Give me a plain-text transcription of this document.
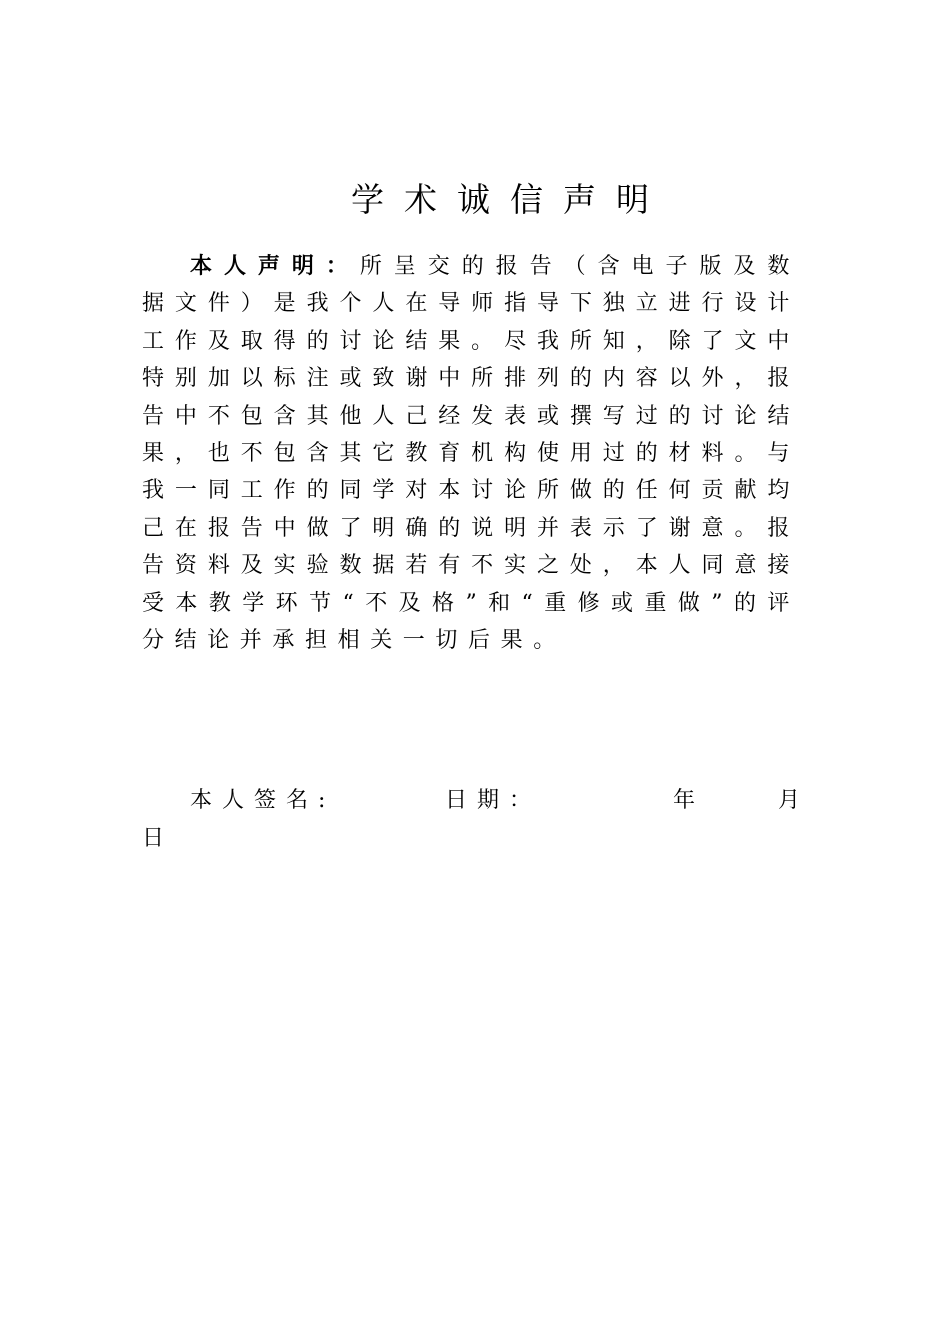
学术诚信声明

本人声明：所呈交的报告（含电子版及数据文件）是我个人在导师指导下独立进行设计工作及取得的讨论结果。尽我所知，除了文中特别加以标注或致谢中所排列的内容以外，报告中不包含其他人己经发表或撰写过的讨论结果，也不包含其它教育机构使用过的材料。与我一同工作的同学对本讨论所做的任何贡献均己在报告中做了明确的说明并表示了谢意。报告资料及实验数据若有不实之处，本人同意接受本教学环节“不及格”和“重修或重做”的评分结论并承担相关一切后果。

本人签名:	日期：	年	月
日
